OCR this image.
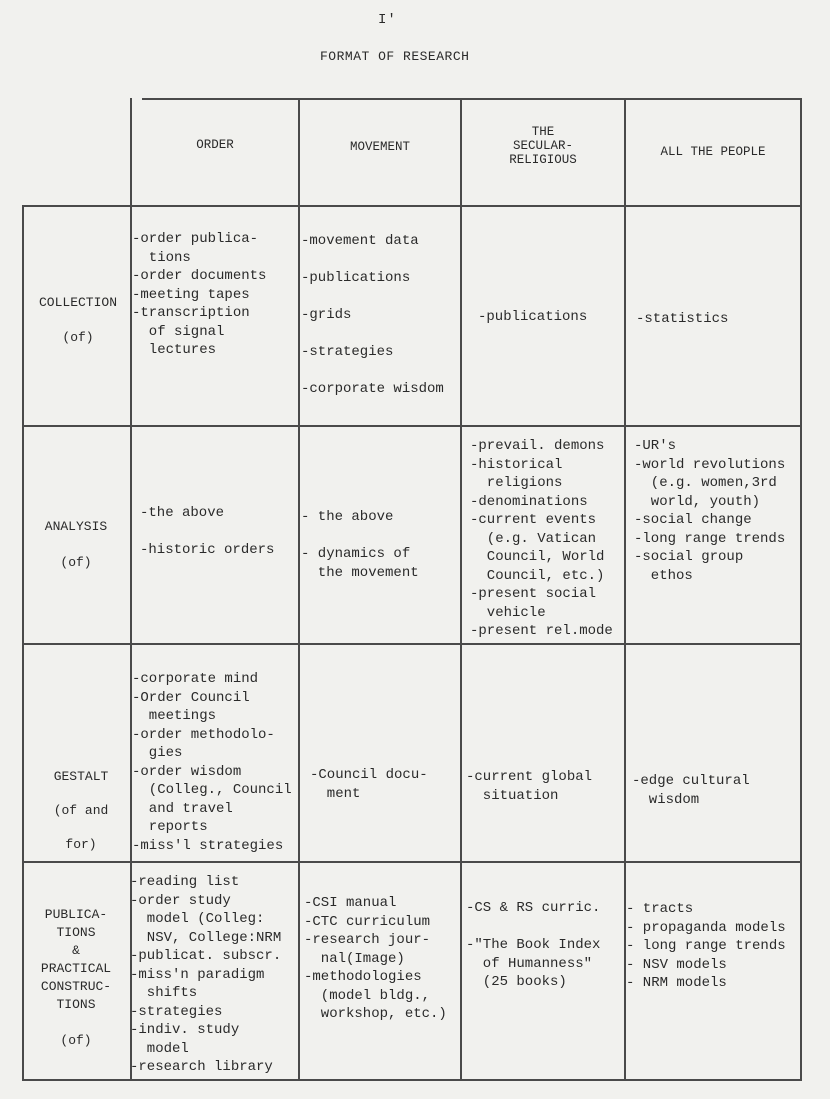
I'
FORMAT OF RESEARCH
ORDER	MOVEMENT
THE
SECULAR-
RELIGIOUS
ALL THE PEOPLE
COLLECTION
(of)
-order publica-
tions
-order documents
-meeting tapes
-transcription
of signal
lectures
-movement data

-publications

-grids

-strategies

-corporate wisdom
-publications	-statistics
ANALYSIS

(of)
-the above

-historic orders
- the above

- dynamics of
the movement
-prevail. demons
-historical
religions
-denominations
-current events
(e.g. Vatican
Council, World
Council, etc.)
-present social
vehicle
-present rel.mode
-UR's
-world revolutions
(e.g. women,3rd
world, youth)
-social change
-long range trends
-social group
ethos
GESTALT
(of and
for)
-corporate mind
-Order Council
meetings
-order methodolo-
gies
-order wisdom
(Colleg., Council
and travel
reports
-miss'l strategies
-Council docu-
ment
-current global
situation
-edge cultural
wisdom
PUBLICA-
TIONS
&
PRACTICAL
CONSTRUC-
TIONS

(of)
-reading list
-order study
model (Colleg:
NSV, College:NRM
-publicat. subscr.
-miss'n paradigm
shifts
-strategies
-indiv. study
model
-research library
-CSI manual
-CTC curriculum
-research jour-
nal(Image)
-methodologies
(model bldg.,
workshop, etc.)
-CS & RS curric.

-"The Book Index
of Humanness"
(25 books)
- tracts
- propaganda models
- long range trends
- NSV models
- NRM models
